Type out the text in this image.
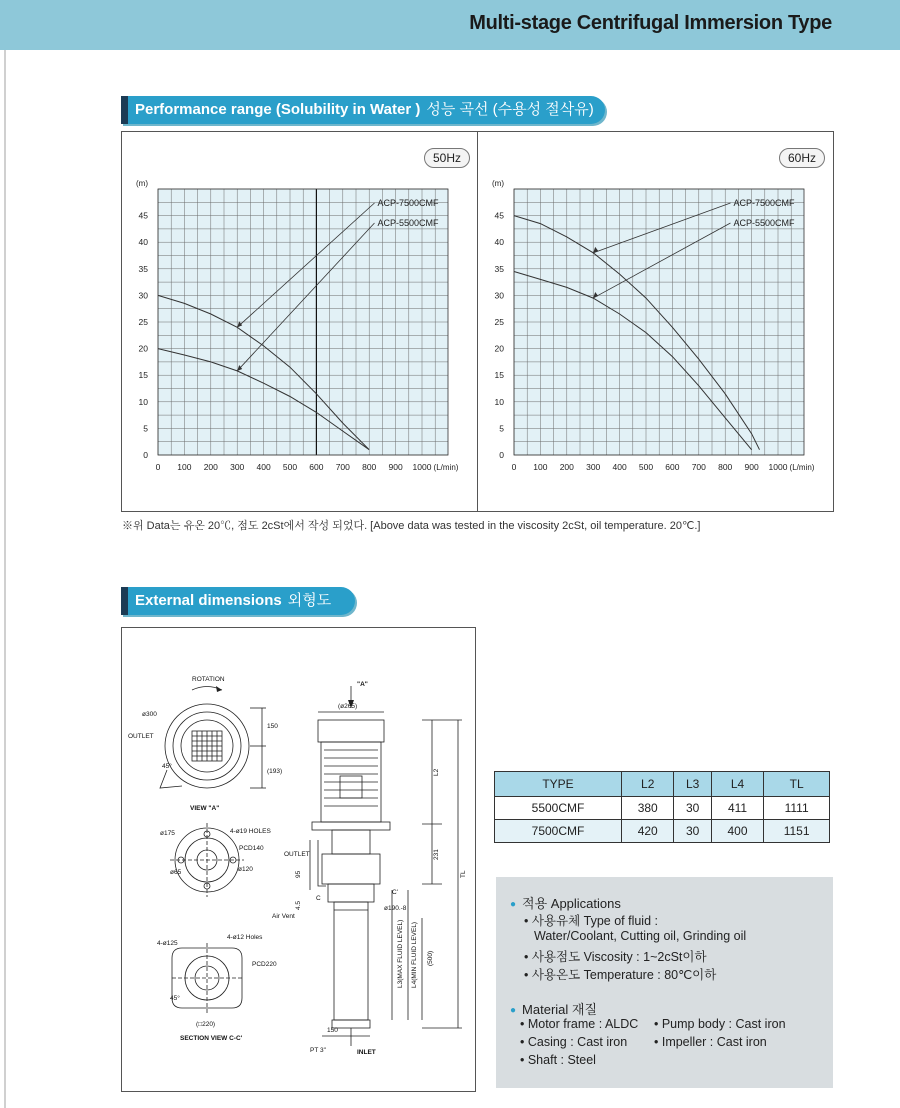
Multi-stage Centrifugal Immersion Type
Performance range (Solubility in Water ) 성능 곡선 (수용성 절삭유)
50Hz	60Hz
0 100 200 300 400 500 600 700 800 900 1000 (L/min)
0
5
10
15
20
25
30
35
40
45
(m)
ACP-7500CMF
ACP-5500CMF
0 100 200 300 400 500 600 700 800 900 1000 (L/min)
0
5
10
15
20
25
30
35
40
45
(m)
ACP-7500CMF
ACP-5500CMF
※위 Data는 유온 20℃, 점도 2cSt에서 작성 되었다. [Above data was tested in the viscosity 2cSt, oil temperature. 20℃.]
External dimensions 외형도
ROTATION
ø300
OUTLET
45°
150
(193)
VIEW "A"
4-ø19 HOLES
ø175
PCD140
ø120
ø65
4-ø12 Holes
4-ø125
PCD220
45°
(□220)
SECTION VIEW C-C'
"A"
(ø265)
L2
231
TL
OUTLET
95
4.5
Air Vent
C
C'
ø190.-8
L3(MAX FLUID LEVEL) L4(MIN FLUID LEVEL) (500)
150
PT 3"	INLET
TYPE	L2	L3	L4	TL
5500CMF	380	30	411	1111
7500CMF	420	30	400	1151
● 적용 Applications
• 사용유체 Type of fluid :
Water/Coolant, Cutting oil, Grinding oil
• 사용점도 Viscosity : 1~2cSt이하
• 사용온도 Temperature : 80℃이하
● Material 재질
• Motor frame : ALDC • Pump body : Cast iron
• Casing : Cast iron • Impeller : Cast iron
• Shaft : Steel
